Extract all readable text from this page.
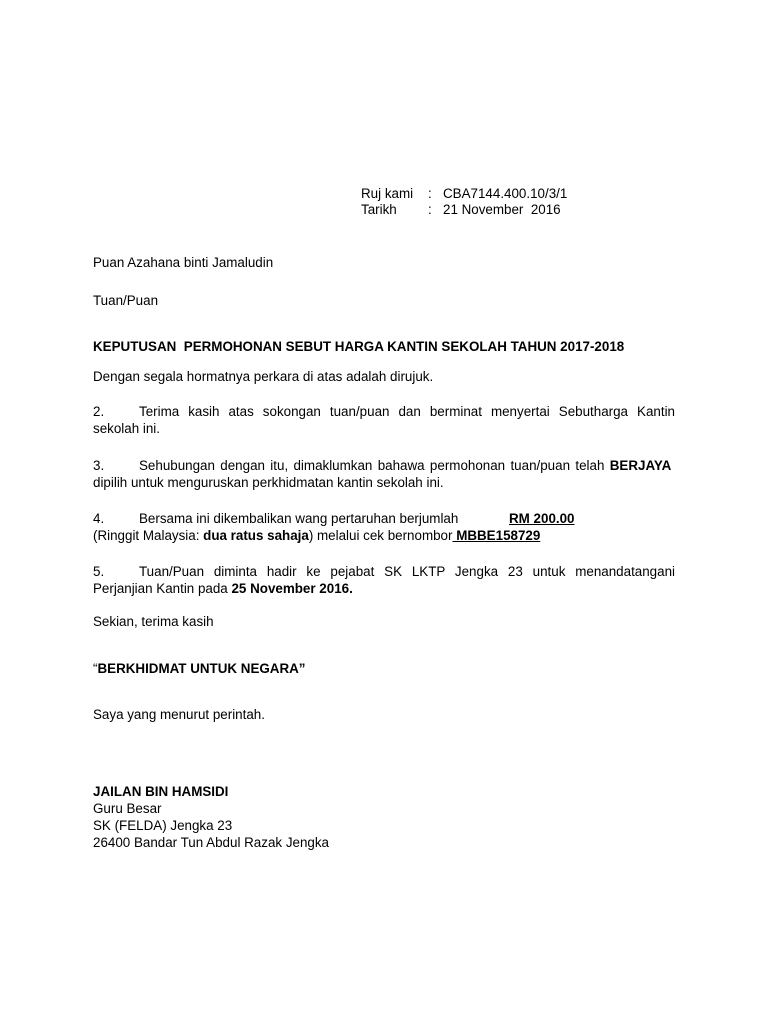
Ruj kami : CBA7144.400.10/3/1
Tarikh : 21 November  2016
Puan Azahana binti Jamaludin
Tuan/Puan
KEPUTUSAN  PERMOHONAN SEBUT HARGA KANTIN SEKOLAH TAHUN 2017-2018
Dengan segala hormatnya perkara di atas adalah dirujuk.
2.	Terima kasih atas sokongan tuan/puan dan berminat menyertai Sebutharga Kantin sekolah ini.
3.	Sehubungan dengan itu, dimaklumkan bahawa permohonan tuan/puan telah BERJAYA  dipilih untuk menguruskan perkhidmatan kantin sekolah ini.
4.	Bersama ini dikembalikan wang pertaruhan berjumlah	RM 200.00
(Ringgit Malaysia: dua ratus sahaja) melalui cek bernombor MBBE158729
5.	Tuan/Puan diminta hadir ke pejabat SK LKTP Jengka 23 untuk menandatangani Perjanjian Kantin pada 25 November 2016.
Sekian, terima kasih
“BERKHIDMAT UNTUK NEGARA”
Saya yang menurut perintah.
JAILAN BIN HAMSIDI
Guru Besar
SK (FELDA) Jengka 23
26400 Bandar Tun Abdul Razak Jengka
